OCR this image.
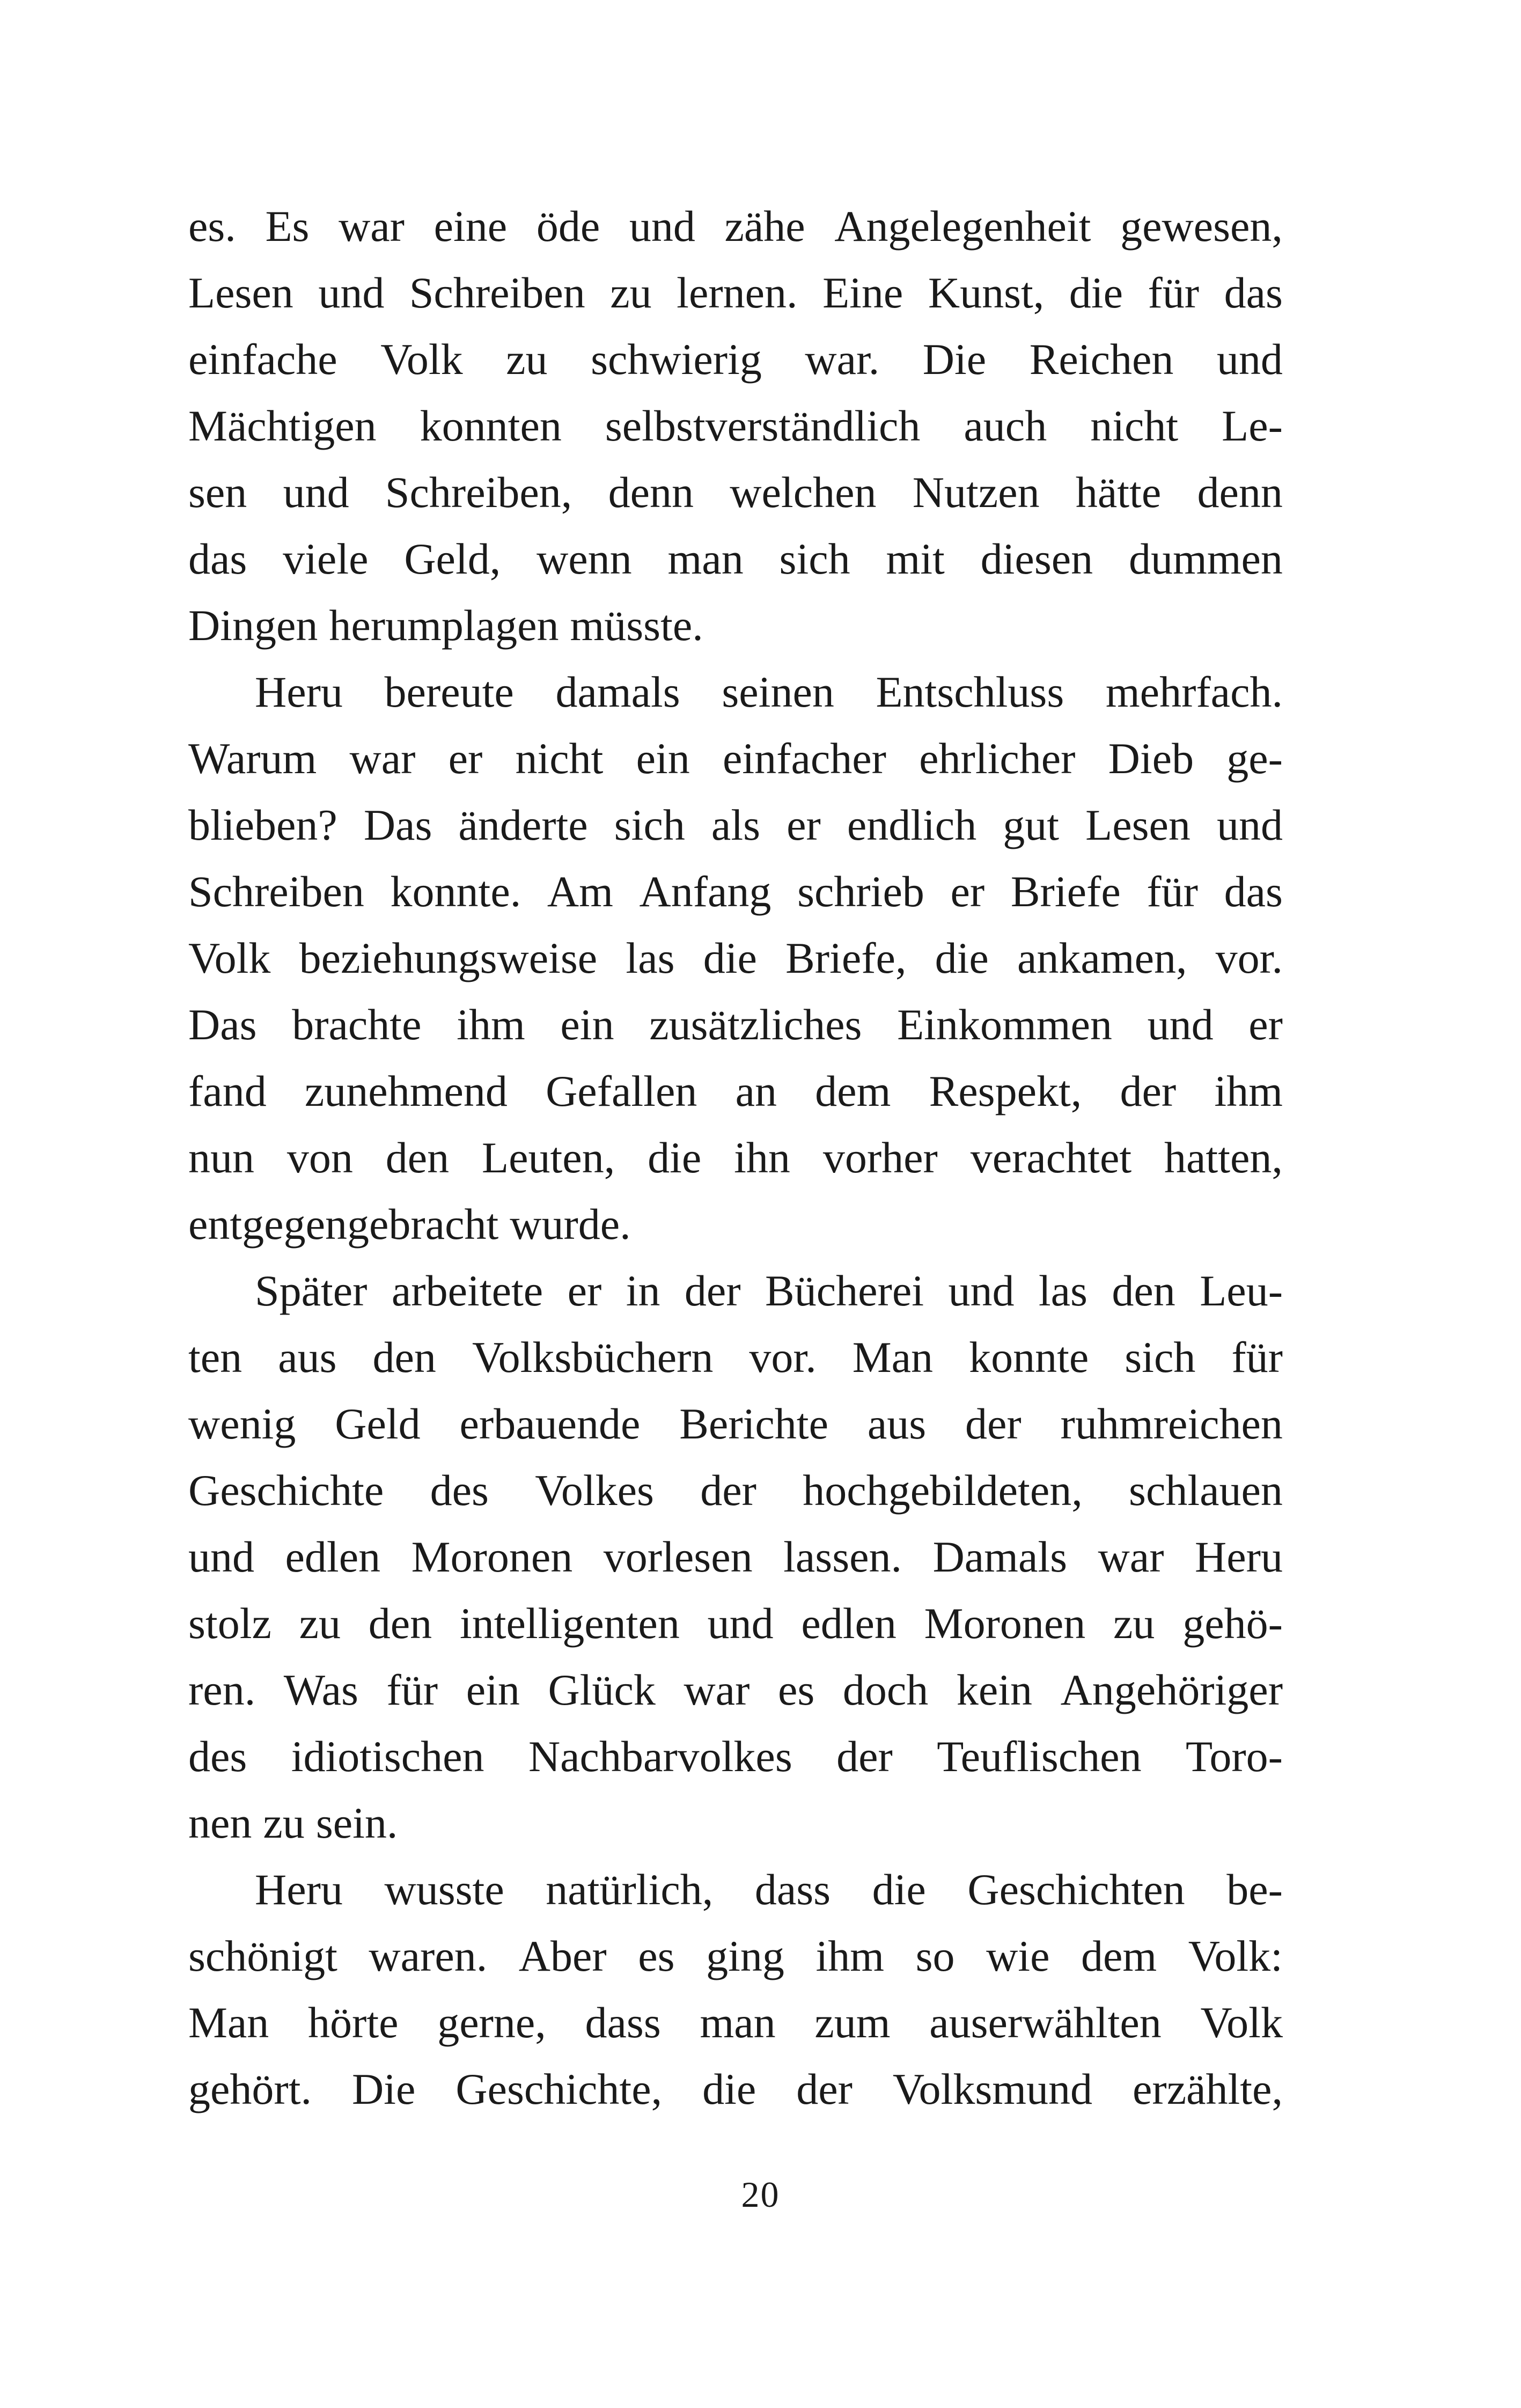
es. Es war eine öde und zähe Angelegenheit gewesen,
Lesen und Schreiben zu lernen. Eine Kunst, die für das
einfache Volk zu schwierig war. Die Reichen und
Mächtigen konnten selbstverständlich auch nicht Le-
sen und Schreiben, denn welchen Nutzen hätte denn
das viele Geld, wenn man sich mit diesen dummen
Dingen herumplagen müsste.
Heru bereute damals seinen Entschluss mehrfach.
Warum war er nicht ein einfacher ehrlicher Dieb ge-
blieben? Das änderte sich als er endlich gut Lesen und
Schreiben konnte. Am Anfang schrieb er Briefe für das
Volk beziehungsweise las die Briefe, die ankamen, vor.
Das brachte ihm ein zusätzliches Einkommen und er
fand zunehmend Gefallen an dem Respekt, der ihm
nun von den Leuten, die ihn vorher verachtet hatten,
entgegengebracht wurde.
Später arbeitete er in der Bücherei und las den Leu-
ten aus den Volksbüchern vor. Man konnte sich für
wenig Geld erbauende Berichte aus der ruhmreichen
Geschichte des Volkes der hochgebildeten, schlauen
und edlen Moronen vorlesen lassen. Damals war Heru
stolz zu den intelligenten und edlen Moronen zu gehö-
ren. Was für ein Glück war es doch kein Angehöriger
des idiotischen Nachbarvolkes der Teuflischen Toro-
nen zu sein.
Heru wusste natürlich, dass die Geschichten be-
schönigt waren. Aber es ging ihm so wie dem Volk:
Man hörte gerne, dass man zum auserwählten Volk
gehört. Die Geschichte, die der Volksmund erzählte,
20
